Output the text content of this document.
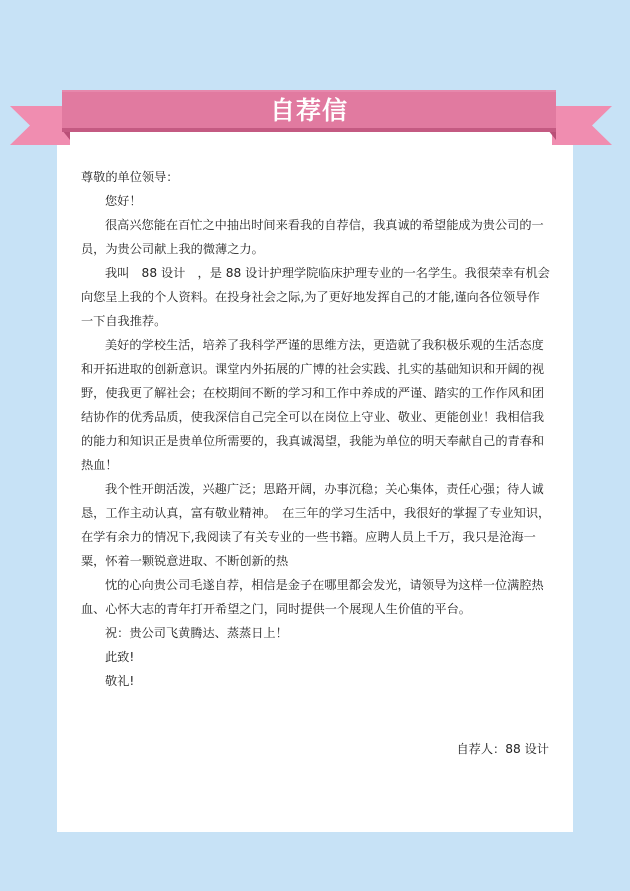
自荐信

尊敬的单位领导：

您好！

很高兴您能在百忙之中抽出时间来看我的自荐信，我真诚的希望能成为贵公司的一员，为贵公司献上我的微薄之力。

我叫　88 设计　，是 88 设计护理学院临床护理专业的一名学生。我很荣幸有机会向您呈上我的个人资料。在投身社会之际,为了更好地发挥自己的才能,谨向各位领导作一下自我推荐。

美好的学校生活，培养了我科学严谨的思维方法，更造就了我积极乐观的生活态度和开拓进取的创新意识。课堂内外拓展的广博的社会实践、扎实的基础知识和开阔的视野，使我更了解社会；在校期间不断的学习和工作中养成的严谨、踏实的工作作风和团结协作的优秀品质，使我深信自己完全可以在岗位上守业、敬业、更能创业！我相信我的能力和知识正是贵单位所需要的，我真诚渴望，我能为单位的明天奉献自己的青春和热血！

我个性开朗活泼，兴趣广泛；思路开阔，办事沉稳；关心集体，责任心强；待人诚恳，工作主动认真，富有敬业精神。　在三年的学习生活中，我很好的掌握了专业知识，在学有余力的情况下,我阅读了有关专业的一些书籍。应聘人员上千万，我只是沧海一粟，怀着一颗锐意进取、不断创新的热

忱的心向贵公司毛遂自荐，相信是金子在哪里都会发光，请领导为这样一位满腔热血、心怀大志的青年打开希望之门，同时提供一个展现人生价值的平台。

祝：贵公司飞黄腾达、蒸蒸日上！

此致!

敬礼!

自荐人：88 设计
